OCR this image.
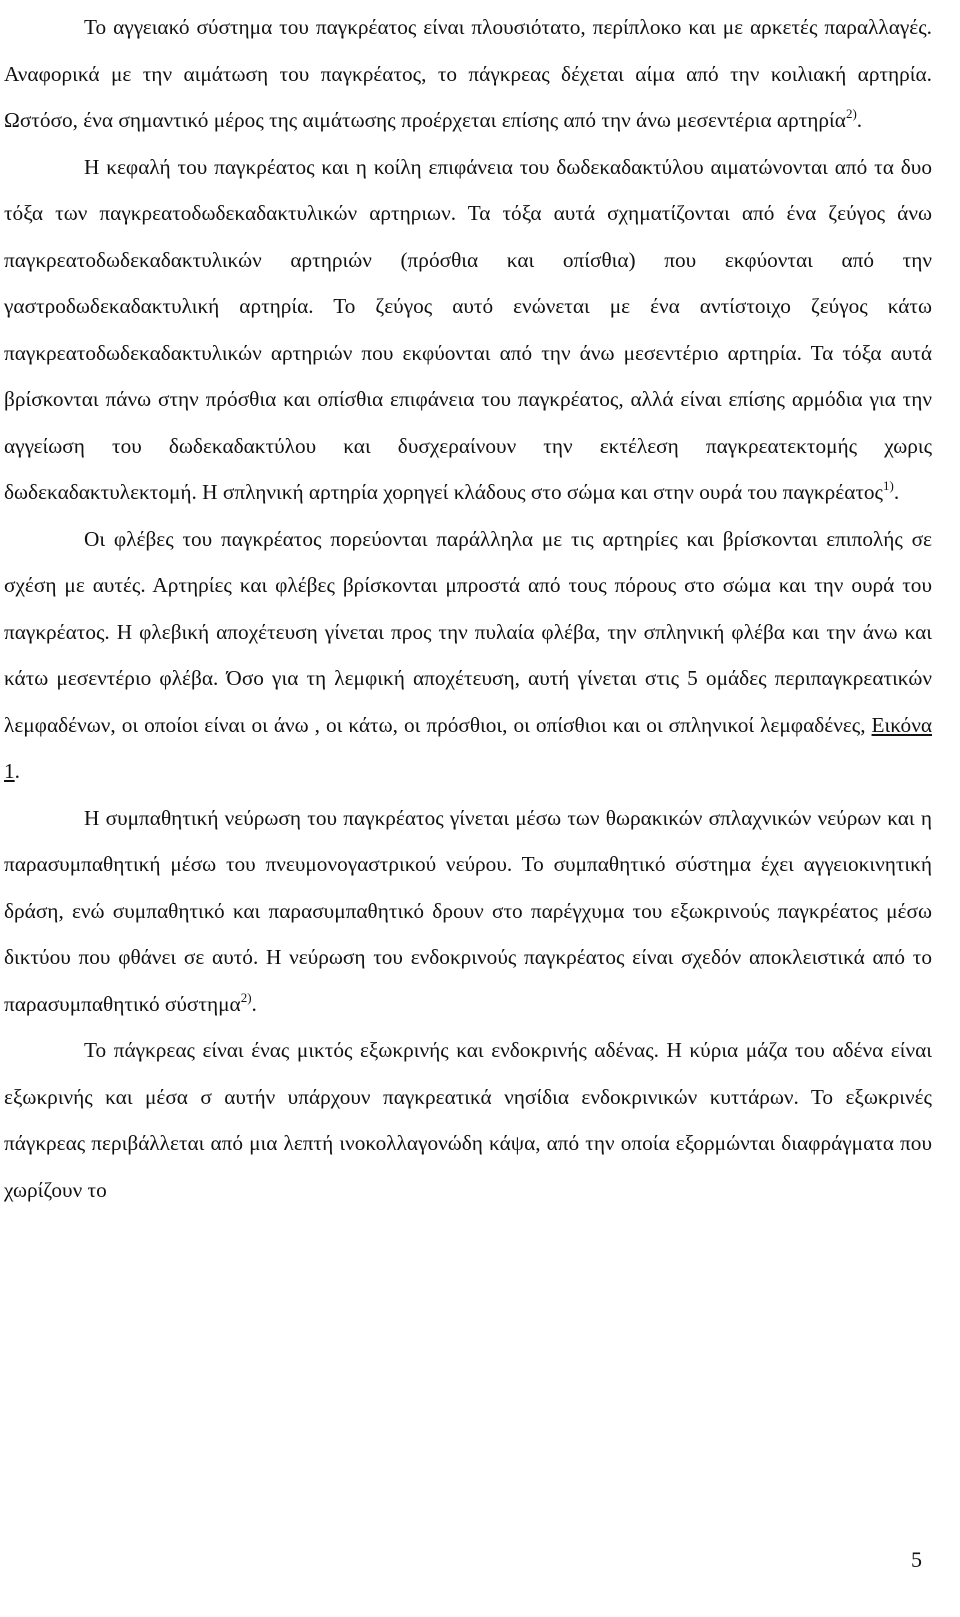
Το αγγειακό σύστημα του παγκρέατος είναι πλουσιότατο, περίπλοκο και με αρκετές παραλλαγές. Αναφορικά με την αιμάτωση του παγκρέατος, το πάγκρεας δέχεται αίμα από την κοιλιακή αρτηρία. Ωστόσο, ένα σημαντικό μέρος της αιμάτωσης προέρχεται επίσης από την άνω μεσεντέρια αρτηρία$^{2)}$.

Η κεφαλή του παγκρέατος και η κοίλη επιφάνεια του δωδεκαδακτύλου αιματώνονται από τα δυο τόξα των παγκρεατοδωδεκαδακτυλικών αρτηριων. Τα τόξα αυτά σχηματίζονται από ένα ζεύγος άνω παγκρεατοδωδεκαδακτυλικών αρτηριών (πρόσθια και οπίσθια) που εκφύονται από την γαστροδωδεκαδακτυλική αρτηρία. Το ζεύγος αυτό ενώνεται με ένα αντίστοιχο ζεύγος κάτω παγκρεατοδωδεκαδακτυλικών αρτηριών που εκφύονται από την άνω μεσεντέριο αρτηρία. Τα τόξα αυτά βρίσκονται πάνω στην πρόσθια και οπίσθια επιφάνεια του παγκρέατος, αλλά είναι επίσης αρμόδια για την αγγείωση του δωδεκαδακτύλου και δυσχεραίνουν την εκτέλεση παγκρεατεκτομής χωρις δωδεκαδακτυλεκτομή. Η σπληνική αρτηρία χορηγεί κλάδους στο σώμα και στην ουρά του παγκρέατος$^{1)}$.

Οι φλέβες του παγκρέατος πορεύονται παράλληλα με τις αρτηρίες και βρίσκονται επιπολής σε σχέση με αυτές. Αρτηρίες και φλέβες βρίσκονται μπροστά από τους πόρους στο σώμα και την ουρά του παγκρέατος. Η φλεβική αποχέτευση γίνεται προς την πυλαία φλέβα, την σπληνική φλέβα και την άνω και κάτω μεσεντέριο φλέβα. Όσο για τη λεμφική αποχέτευση, αυτή γίνεται στις 5 ομάδες περιπαγκρεατικών λεμφαδένων, οι οποίοι είναι οι άνω , οι κάτω, οι πρόσθιοι, οι οπίσθιοι και οι σπληνικοί λεμφαδένες, Εικόνα 1.

Η συμπαθητική νεύρωση του παγκρέατος γίνεται μέσω των θωρακικών σπλαχνικών νεύρων και η παρασυμπαθητική μέσω του πνευμονογαστρικού νεύρου. Το συμπαθητικό σύστημα έχει αγγειοκινητική δράση, ενώ συμπαθητικό και παρασυμπαθητικό δρουν στο παρέγχυμα του εξωκρινούς παγκρέατος μέσω δικτύου που φθάνει σε αυτό. Η νεύρωση του ενδοκρινούς παγκρέατος είναι σχεδόν αποκλειστικά από το παρασυμπαθητικό σύστημα$^{2)}$.

Το πάγκρεας είναι ένας μικτός εξωκρινής και ενδοκρινής αδένας. Η κύρια μάζα του αδένα είναι εξωκρινής και μέσα σ αυτήν υπάρχουν παγκρεατικά νησίδια ενδοκρινικών κυττάρων. Το εξωκρινές πάγκρεας περιβάλλεται από μια λεπτή ινοκολλαγονώδη κάψα, από την οποία εξορμώνται διαφράγματα που χωρίζουν το

5
